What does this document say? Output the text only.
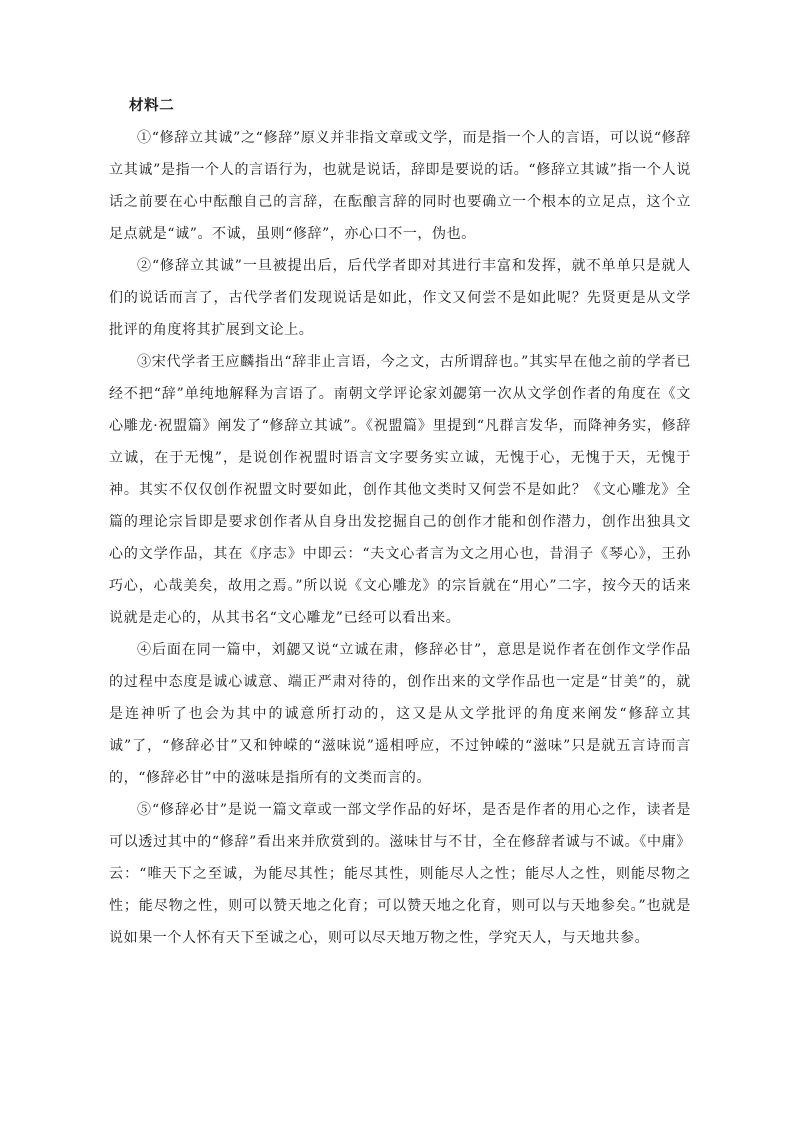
材料二

①“修辞立其诚”之“修辞”原义并非指文章或文学，而是指一个人的言语，可以说“修辞立其诚”是指一个人的言语行为，也就是说话，辞即是要说的话。“修辞立其诚”指一个人说话之前要在心中酝酿自己的言辞，在酝酿言辞的同时也要确立一个根本的立足点，这个立足点就是“诚”。不诚，虽则“修辞”，亦心口不一，伪也。

②“修辞立其诚”一旦被提出后，后代学者即对其进行丰富和发挥，就不单单只是就人们的说话而言了，古代学者们发现说话是如此，作文又何尝不是如此呢？先贤更是从文学批评的角度将其扩展到文论上。

③宋代学者王应麟指出“辞非止言语，今之文，古所谓辞也。”其实早在他之前的学者已经不把“辞”单纯地解释为言语了。南朝文学评论家刘勰第一次从文学创作者的角度在《文心雕龙·祝盟篇》阐发了“修辞立其诚”。《祝盟篇》里提到“凡群言发华，而降神务实，修辞立诚，在于无愧”，是说创作祝盟时语言文字要务实立诚，无愧于心，无愧于天，无愧于神。其实不仅仅创作祝盟文时要如此，创作其他文类时又何尝不是如此？《文心雕龙》全篇的理论宗旨即是要求创作者从自身出发挖掘自己的创作才能和创作潜力，创作出独具文心的文学作品，其在《序志》中即云：“夫文心者言为文之用心也，昔涓子《琴心》，王孙巧心，心哉美矣，故用之焉。”所以说《文心雕龙》的宗旨就在“用心”二字，按今天的话来说就是走心的，从其书名“文心雕龙”已经可以看出来。

④后面在同一篇中，刘勰又说“立诚在肃，修辞必甘”，意思是说作者在创作文学作品的过程中态度是诚心诚意、端正严肃对待的，创作出来的文学作品也一定是“甘美”的，就是连神听了也会为其中的诚意所打动的，这又是从文学批评的角度来阐发“修辞立其诚”了，“修辞必甘”又和钟嵘的“滋味说”遥相呼应，不过钟嵘的“滋味”只是就五言诗而言的，“修辞必甘”中的滋味是指所有的文类而言的。

⑤“修辞必甘”是说一篇文章或一部文学作品的好坏，是否是作者的用心之作，读者是可以透过其中的“修辞”看出来并欣赏到的。滋味甘与不甘，全在修辞者诚与不诚。《中庸》云：“唯天下之至诚，为能尽其性；能尽其性，则能尽人之性；能尽人之性，则能尽物之性；能尽物之性，则可以赞天地之化育；可以赞天地之化育，则可以与天地参矣。”也就是说如果一个人怀有天下至诚之心，则可以尽天地万物之性，学究天人，与天地共参。
